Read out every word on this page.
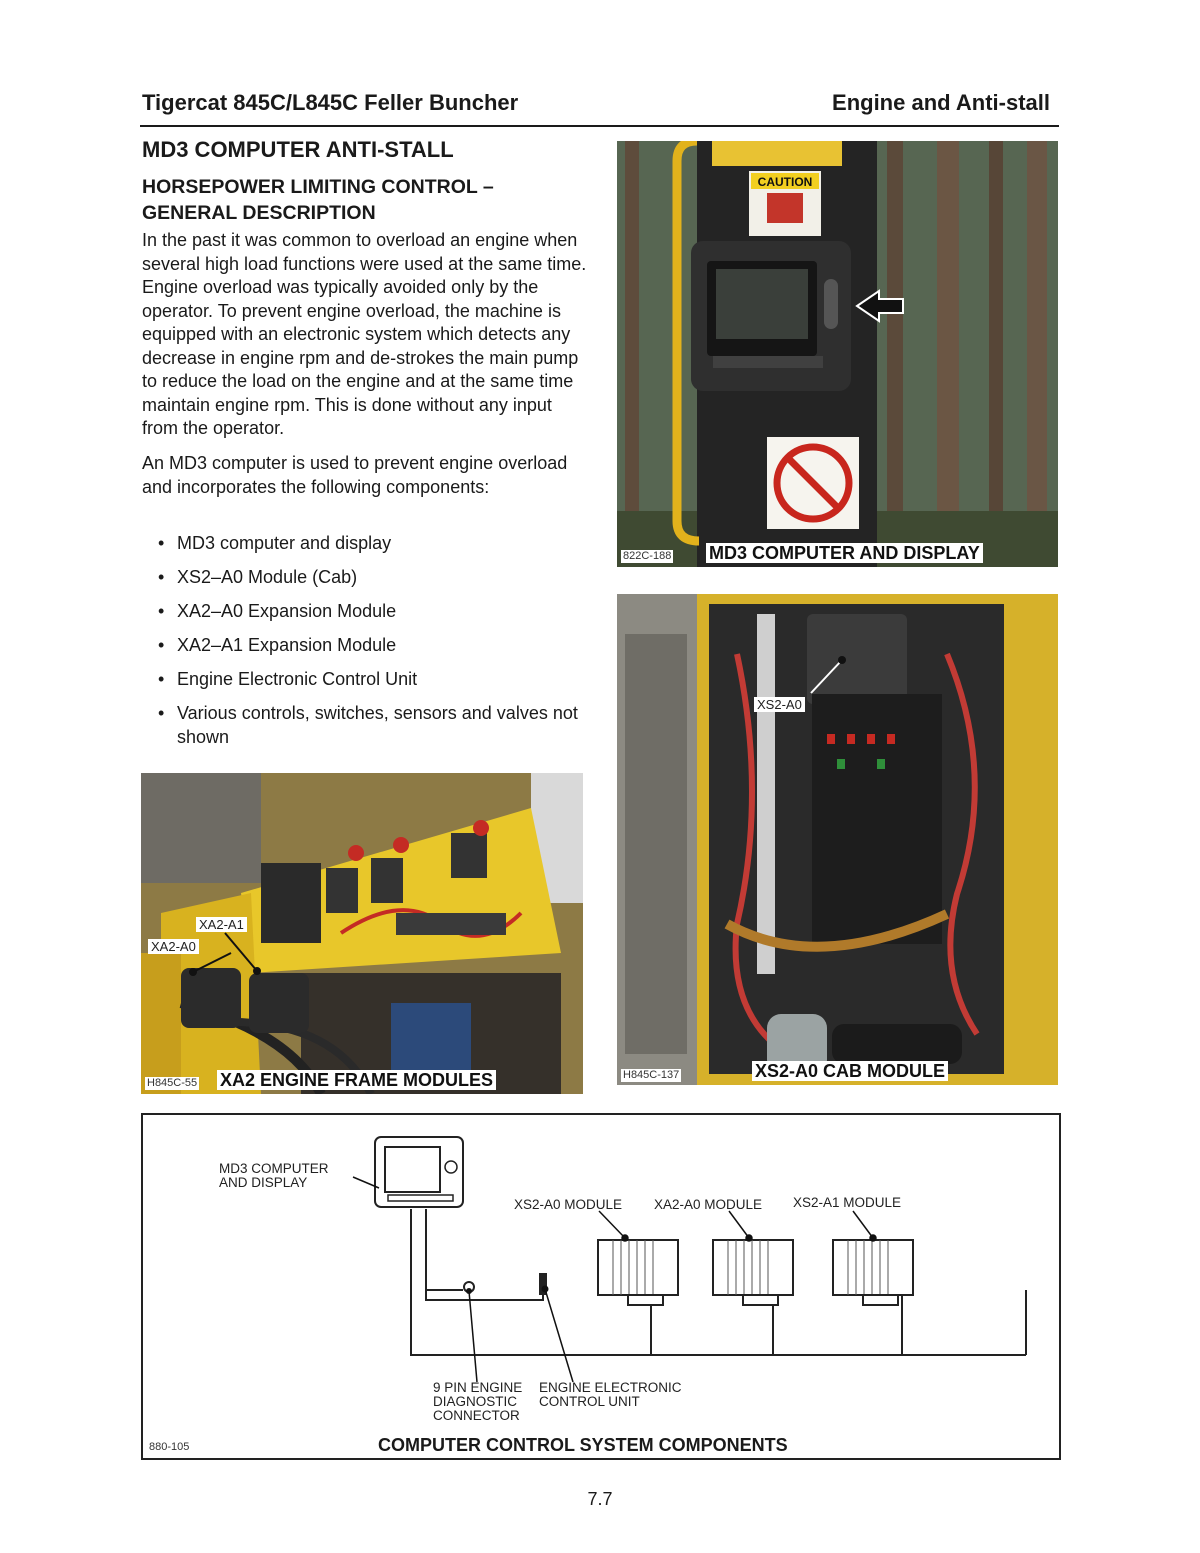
Tigercat 845C/L845C Feller Buncher	Engine and Anti-stall
MD3 COMPUTER ANTI-STALL
HORSEPOWER LIMITING CONTROL – GENERAL DESCRIPTION

In the past it was common to overload an engine when several high load functions were used at the same time. Engine overload was typically avoided only by the operator. To prevent engine overload, the machine is equipped with an electronic system which detects any decrease in engine rpm and de-strokes the main pump to reduce the load on the engine and at the same time maintain engine rpm. This is done without any input from the operator.

An MD3 computer is used to prevent engine overload and incorporates the following components:

• MD3 computer and display
• XS2–A0 Module (Cab)
• XA2–A0 Expansion Module
• XA2–A1 Expansion Module
• Engine Electronic Control Unit
• Various controls, switches, sensors and valves not shown
CAUTION
822C-188 MD3 COMPUTER AND DISPLAY
XA2-A1
XA2-A0
H845C-55 XA2 ENGINE FRAME MODULES
XS2-A0
H845C-137	XS2-A0 CAB MODULE
MD3 COMPUTER
AND DISPLAY
XS2-A0 MODULE XA2-A0 MODULE XS2-A1 MODULE
9 PIN ENGINE
DIAGNOSTIC
CONNECTOR
ENGINE ELECTRONIC
CONTROL UNIT
880-105	COMPUTER CONTROL SYSTEM COMPONENTS
7.7
